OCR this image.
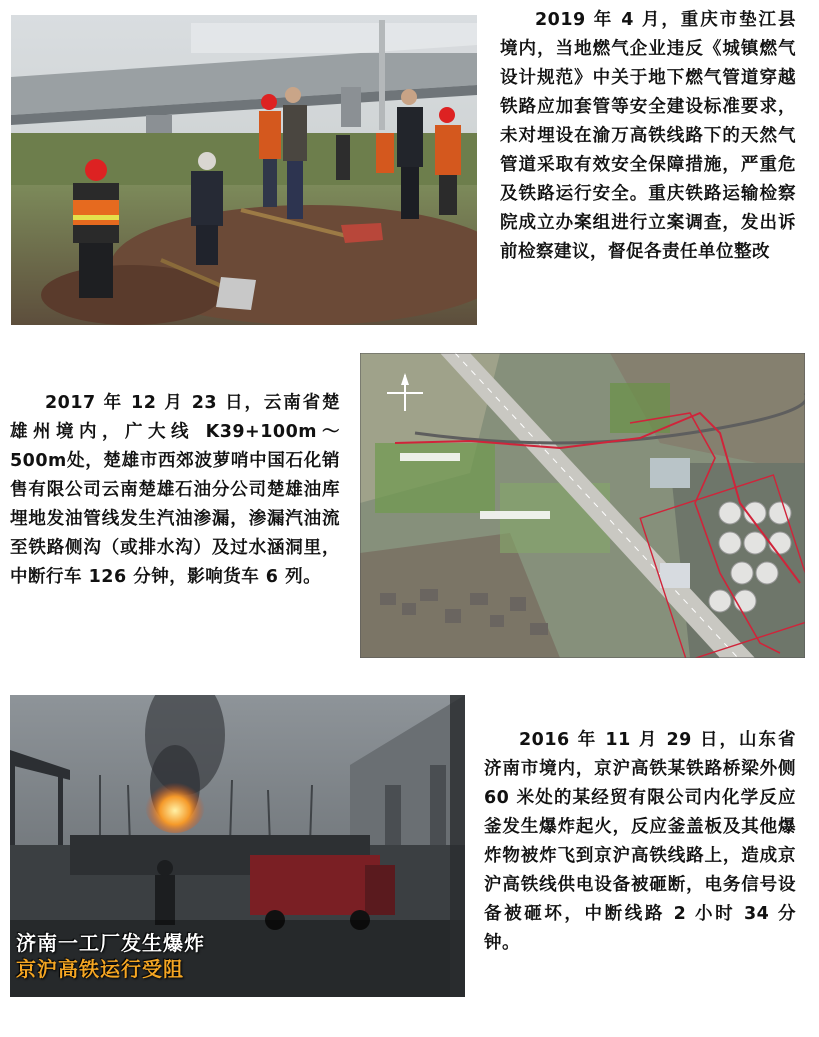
2019 年 4 月，重庆市垫江县境内，当地燃气企业违反《城镇燃气设计规范》中关于地下燃气管道穿越铁路应加套管等安全建设标准要求，未对埋设在渝万高铁线路下的天然气管道采取有效安全保障措施，严重危及铁路运行安全。重庆铁路运输检察院成立办案组进行立案调查，发出诉前检察建议，督促各责任单位整改
2017 年 12 月 23 日，云南省楚雄州境内，广大线 K39+100m～500m处，楚雄市西郊波萝哨中国石化销售有限公司云南楚雄石油分公司楚雄油库埋地发油管线发生汽油渗漏，渗漏汽油流至铁路侧沟（或排水沟）及过水涵洞里，中断行车 126 分钟，影响货车 6 列。
济南一工厂发生爆炸
京沪高铁运行受阻
2016 年 11 月 29 日，山东省济南市境内，京沪高铁某铁路桥梁外侧 60 米处的某经贸有限公司内化学反应釜发生爆炸起火，反应釜盖板及其他爆炸物被炸飞到京沪高铁线路上，造成京沪高铁线供电设备被砸断，电务信号设备被砸坏，中断线路 2 小时 34 分钟。
